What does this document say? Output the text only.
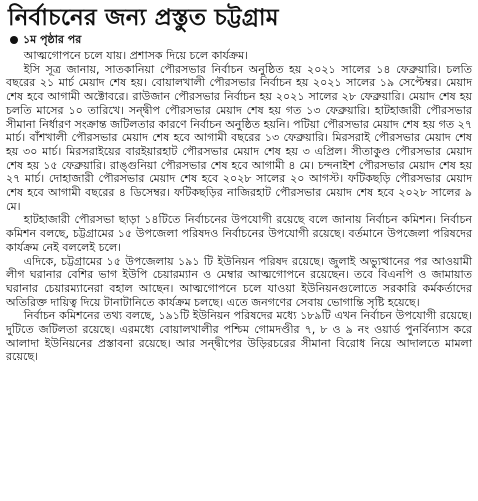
নির্বাচনের জন্য প্রস্তুত চট্টগ্রাম
১ম পৃষ্ঠার পর

আত্মগোপনে চলে যায়। প্রশাসক দিয়ে চলে কার্যক্রম।

ইসি সূত্র জানায়, সাতকানিয়া পৌরসভার নির্বাচন অনুষ্ঠিত হয় ২০২১ সালের ১৪ ফেব্রুয়ারি। চলতি বছরের ২১ মার্চ মেয়াদ শেষ হয়। বোয়ালখালী পৌরসভার নির্বাচন হয় ২০২১ সালের ১৯ সেপ্টেম্বর। মেয়াদ শেষ হবে আগামী অক্টোবরে। রাউজান পৌরসভার নির্বাচন হয় ২০২১ সালের ২৮ ফেব্রুয়ারি। মেয়াদ শেষ হয় চলতি মাসের ১০ তারিখে। সন্দ্বীপ পৌরসভার মেয়াদ শেষ হয় গত ১৩ ফেব্রুয়ারি। হাটহাজারী পৌরসভার সীমানা নির্ধারণ সংক্রান্ত জটিলতার কারণে নির্বাচন অনুষ্ঠিত হয়নি। পটিয়া পৌরসভার মেয়াদ শেষ হয় গত ২৭ মার্চ। বাঁশখালী পৌরসভার মেয়াদ শেষ হবে আগামী বছরের ১৩ ফেব্রুয়ারি। মিরসরাই পৌরসভার মেয়াদ শেষ হয় ৩০ মার্চ। মিরসরাইয়ের বারইয়ারহাট পৌরসভার মেয়াদ শেষ হয় ৩ এপ্রিল। সীতাকুণ্ড পৌরসভার মেয়াদ শেষ হয় ১৫ ফেব্রুয়ারি। রাঙ্গুনিয়া পৌরসভার শেষ হবে আগামী ৪ মে। চন্দনাইশ পৌরসভার মেয়াদ শেষ হয় ২৭ মার্চ। দোহাজারী পৌরসভার মেয়াদ শেষ হবে ২০২৮ সালের ২০ আগস্ট। ফটিকছড়ি পৌরসভার মেয়াদ শেষ হবে আগামী বছরের ৪ ডিসেম্বর। ফটিকছড়ির নাজিরহাট পৌরসভার মেয়াদ শেষ হবে ২০২৮ সালের ৯ মে।

হাটহাজারী পৌরসভা ছাড়া ১৪টিতে নির্বাচনের উপযোগী রয়েছে বলে জানায় নির্বাচন কমিশন। নির্বাচন কমিশন বলছে, চট্টগ্রামের ১৫ উপজেলা পরিষদও নির্বাচনের উপযোগী রয়েছে। বর্তমানে উপজেলা পরিষদের কার্যক্রম নেই বললেই চলে।

এদিকে, চট্টগ্রামের ১৫ উপজেলায় ১৯১ টি ইউনিয়ন পরিষদ রয়েছে। জুলাই অভ্যুত্থানের পর আওয়ামী লীগ ঘরানার বেশির ভাগ ইউপি চেয়ারম্যান ও মেম্বার আত্মগোপনে রয়েছেন। তবে বিএনপি ও জামায়াত ঘরানার চেয়ারম্যানেরা বহাল আছেন। আত্মগোপনে চলে যাওয়া ইউনিয়নগুলোতে সরকারি কর্মকর্তাদের অতিরিক্ত দায়িত্ব দিয়ে টানাটানিতে কার্যক্রম চলছে। এতে জনগণের সেবায় ভোগান্তি সৃষ্টি হয়েছে।

নির্বাচন কমিশনের তথ্য বলছে, ১৯১টি ইউনিয়ন পরিষদের মধ্যে ১৮৯টি এখন নির্বাচন উপযোগী রয়েছে। দুটিতে জটিলতা রয়েছে। এরমধ্যে বোয়ালখালীর পশ্চিম গোমদণ্ডীর ৭, ৮ ও ৯ নং ওয়ার্ড পুনর্বিন্যাস করে আলাদা ইউনিয়নের প্রস্তাবনা রয়েছে। আর সন্দ্বীপের উড়িরচরের সীমানা বিরোধ নিয়ে আদালতে মামলা রয়েছে।
